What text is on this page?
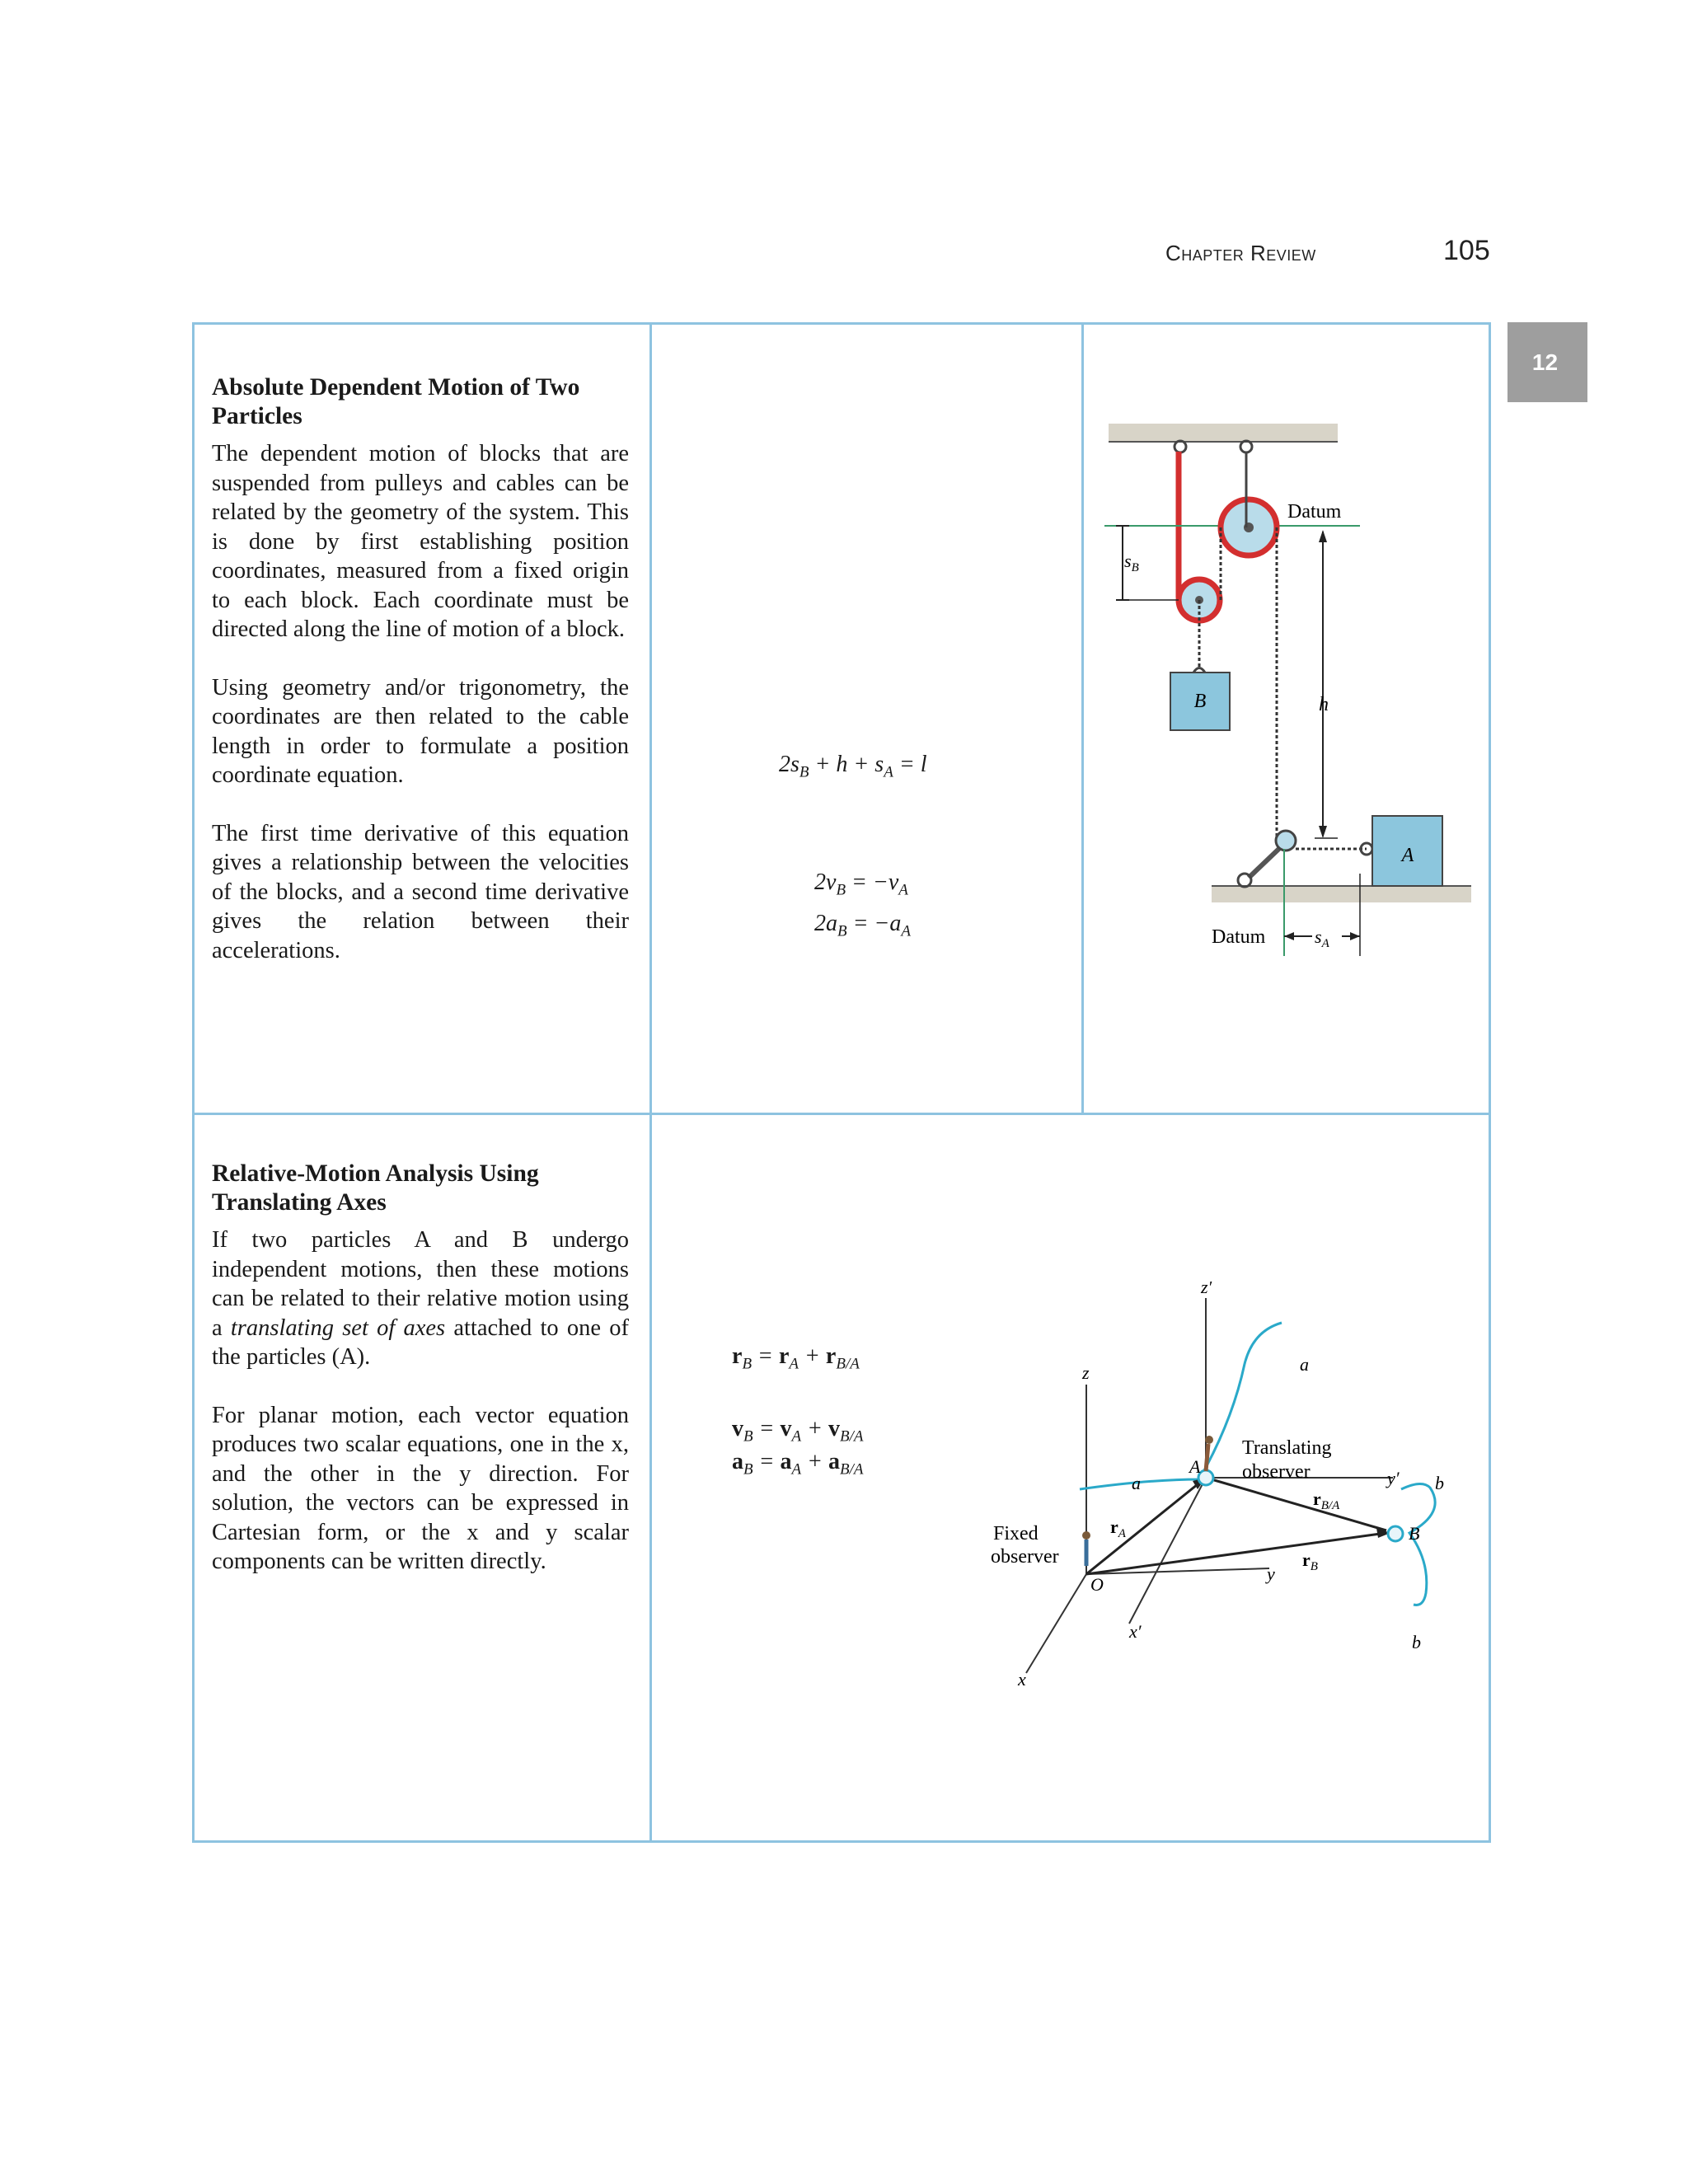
Chapter Review	105
12
Absolute Dependent Motion of Two Particles

The dependent motion of blocks that are suspended from pulleys and cables can be related by the geometry of the system. This is done by first establishing position coordinates, measured from a fixed origin to each block. Each coordinate must be directed along the line of motion of a block.

Using geometry and/or trigonometry, the coordinates are then related to the cable length in order to formulate a position coordinate equation.

The first time derivative of this equation gives a relationship between the velocities of the blocks, and a second time derivative gives the relation between their accelerations.

$2s_B + h + s_A = l$
$2v_B = -v_A$
$2a_B = -a_A$
B
$s_B$
Datum
h
A
Datum	$s_A$
Relative-Motion Analysis Using Translating Axes

If two particles A and B undergo independent motions, then these motions can be related to their relative motion using a translating set of axes attached to one of the particles (A).

For planar motion, each vector equation produces two scalar equations, one in the x, and the other in the y direction. For solution, the vectors can be expressed in Cartesian form, or the x and y scalar components can be written directly.

$r_B = r_A + r_{B/A}$
$v_B = v_A + v_{B/A}$
$a_B = a_A + a_{B/A}$
Fixed
observer
Translating
observer
z
z′
x
x′
y
y′
O
A
B
a
a
b
b
$r_A$
$r_B$
$r_{B/A}$
